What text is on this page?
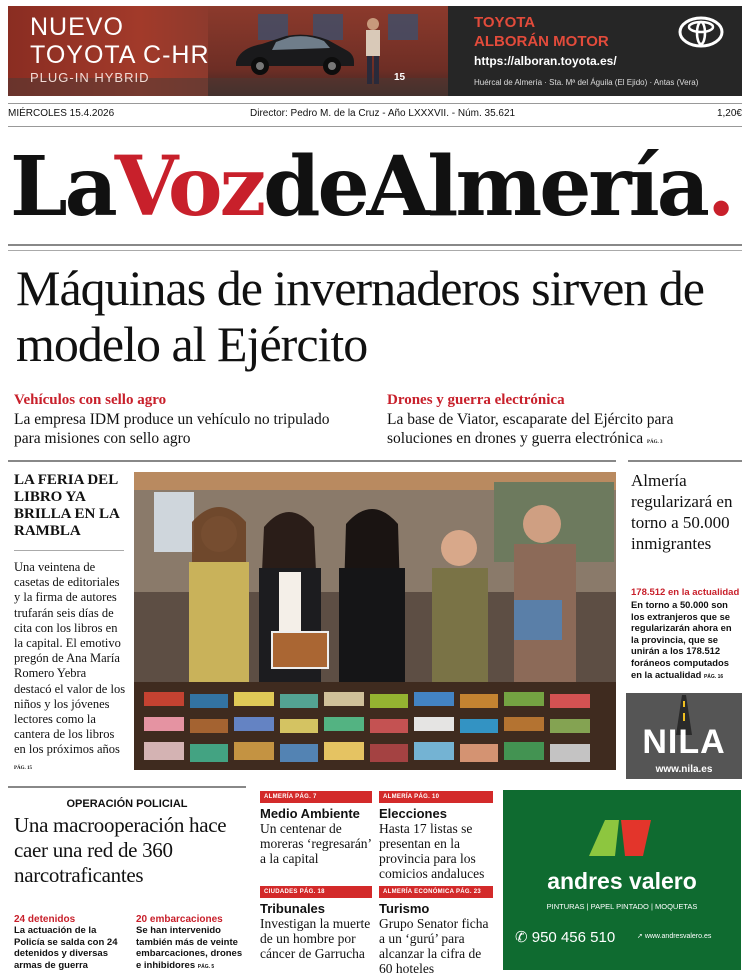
NUEVO
TOYOTA C-HR
PLUG-IN HYBRID	15
TOYOTA
ALBORÁN MOTOR
https://alboran.toyota.es/
Huércal de Almería · Sta. Mª del Águila (El Ejido) · Antas (Vera)
MIÉRCOLES 15.4.2026	Director: Pedro M. de la Cruz - Año LXXXVII. - Núm. 35.621	1,20€
LaVozdeAlmería.
Máquinas de invernaderos sirven de modelo al Ejército
Vehículos con sello agro
La empresa IDM produce un vehículo no tripulado para misiones con sello agro
Drones y guerra electrónica
La base de Viator, escaparate del Ejército para soluciones en drones y guerra electrónica PÁG. 3
LA FERIA DEL LIBRO YA BRILLA EN LA RAMBLA
Una veintena de casetas de editoriales y la firma de autores trufarán seis días de cita con los libros en la capital. El emotivo pregón de Ana María Romero Yebra destacó el valor de los niños y los jóvenes lectores como la cantera de los libros en los próximos años PÁG. 15
Almería regularizará en torno a 50.000 inmigrantes
178.512 en la actualidad
En torno a 50.000 son los extranjeros que se regularizarán ahora en la provincia, que se unirán a los 178.512 foráneos computados en la actualidad PÁG. 16
NILA
www.nila.es
OPERACIÓN POLICIAL
Una macrooperación hace caer una red de 360 narcotraficantes
24 detenidos
La actuación de la Policía se salda con 24 detenidos y diversas armas de guerra
20 embarcaciones
Se han intervenido también más de veinte embarcaciones, drones e inhibidores PÁG. 5
ALMERÍA PÁG. 7
Medio Ambiente
Un centenar de moreras ‘regresarán’ a la capital
ALMERÍA PÁG. 10
Elecciones
Hasta 17 listas se presentan en la provincia para los comicios andaluces
CIUDADES PÁG. 18
Tribunales
Investigan la muerte de un hombre por cáncer de Garrucha
ALMERÍA ECONÓMICA PÁG. 23
Turismo
Grupo Senator ficha a un ‘gurú’ para alcanzar la cifra de 60 hoteles
andres valero
PINTURAS | PAPEL PINTADO | MOQUETAS
✆ 950 456 510	➚ www.andresvalero.es
